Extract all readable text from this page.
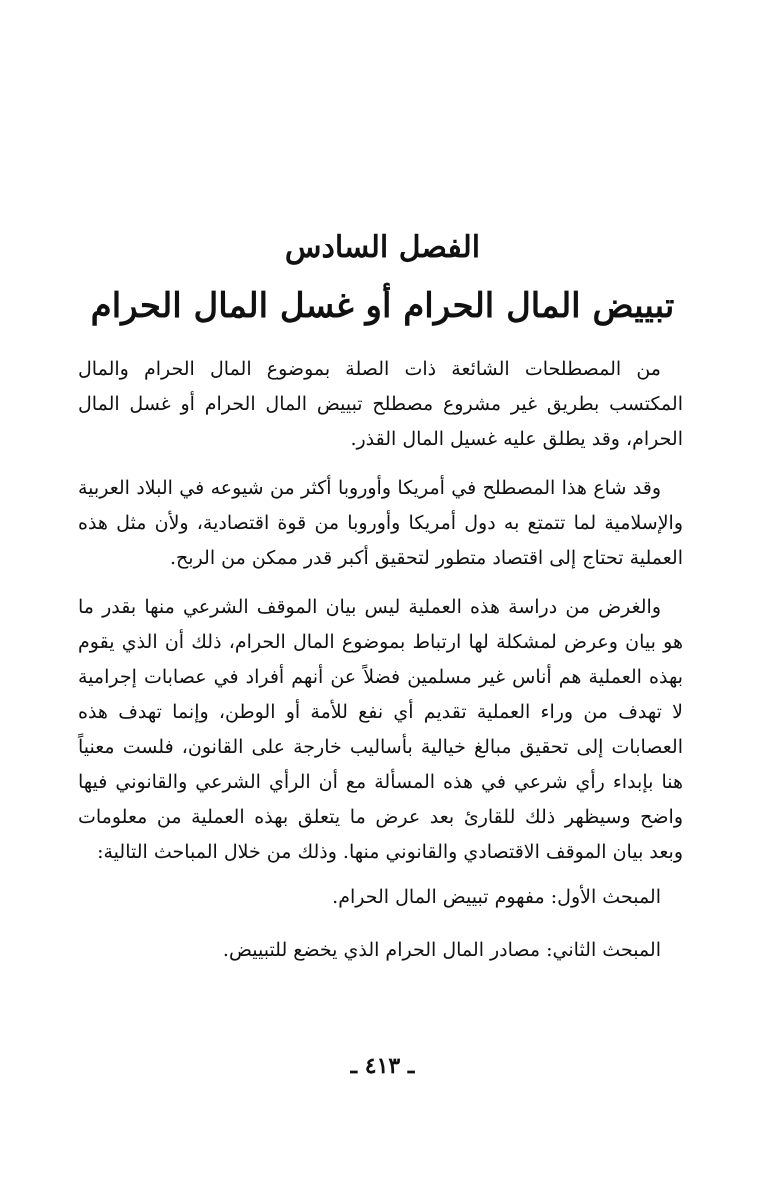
الفصل السادس
تبييض المال الحرام أو غسل المال الحرام

من المصطلحات الشائعة ذات الصلة بموضوع المال الحرام والمال المكتسب بطريق غير مشروع مصطلح تبييض المال الحرام أو غسل المال الحرام، وقد يطلق عليه غسيل المال القذر.

وقد شاع هذا المصطلح في أمريكا وأوروبا أكثر من شيوعه في البلاد العربية والإسلامية لما تتمتع به دول أمريكا وأوروبا من قوة اقتصادية، ولأن مثل هذه العملية تحتاج إلى اقتصاد متطور لتحقيق أكبر قدر ممكن من الربح.

والغرض من دراسة هذه العملية ليس بيان الموقف الشرعي منها بقدر ما هو بيان وعرض لمشكلة لها ارتباط بموضوع المال الحرام، ذلك أن الذي يقوم بهذه العملية هم أناس غير مسلمين فضلاً عن أنهم أفراد في عصابات إجرامية لا تهدف من وراء العملية تقديم أي نفع للأمة أو الوطن، وإنما تهدف هذه العصابات إلى تحقيق مبالغ خيالية بأساليب خارجة على القانون، فلست معنياً هنا بإبداء رأي شرعي في هذه المسألة مع أن الرأي الشرعي والقانوني فيها واضح وسيظهر ذلك للقارئ بعد عرض ما يتعلق بهذه العملية من معلومات وبعد بيان الموقف الاقتصادي والقانوني منها. وذلك من خلال المباحث التالية:

المبحث الأول: مفهوم تبييض المال الحرام.

المبحث الثاني: مصادر المال الحرام الذي يخضع للتبييض.

ـ ٤١٣ ـ
